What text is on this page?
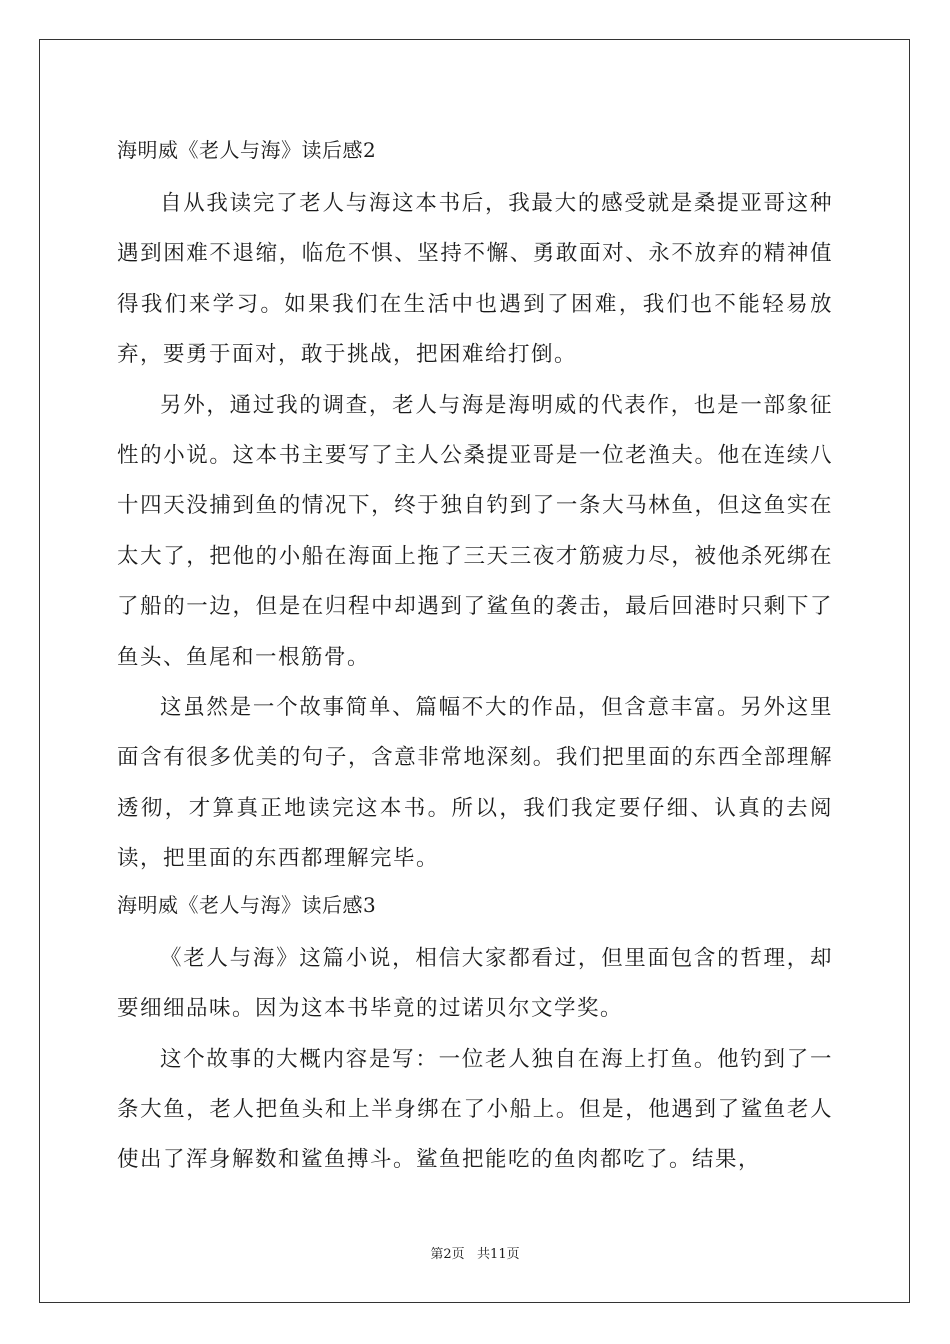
海明威《老人与海》读后感2

自从我读完了老人与海这本书后，我最大的感受就是桑提亚哥这种遇到困难不退缩，临危不惧、坚持不懈、勇敢面对、永不放弃的精神值得我们来学习。如果我们在生活中也遇到了困难，我们也不能轻易放弃，要勇于面对，敢于挑战，把困难给打倒。

另外，通过我的调查，老人与海是海明威的代表作，也是一部象征性的小说。这本书主要写了主人公桑提亚哥是一位老渔夫。他在连续八十四天没捕到鱼的情况下，终于独自钓到了一条大马林鱼，但这鱼实在太大了，把他的小船在海面上拖了三天三夜才筋疲力尽，被他杀死绑在了船的一边，但是在归程中却遇到了鲨鱼的袭击，最后回港时只剩下了鱼头、鱼尾和一根筋骨。

这虽然是一个故事简单、篇幅不大的作品，但含意丰富。另外这里面含有很多优美的句子，含意非常地深刻。我们把里面的东西全部理解透彻，才算真正地读完这本书。所以，我们我定要仔细、认真的去阅读，把里面的东西都理解完毕。

海明威《老人与海》读后感3

《老人与海》这篇小说，相信大家都看过，但里面包含的哲理，却要细细品味。因为这本书毕竟的过诺贝尔文学奖。

这个故事的大概内容是写：一位老人独自在海上打鱼。他钓到了一条大鱼，老人把鱼头和上半身绑在了小船上。但是，他遇到了鲨鱼老人使出了浑身解数和鲨鱼搏斗。鲨鱼把能吃的鱼肉都吃了。结果，

第2页   共11页
